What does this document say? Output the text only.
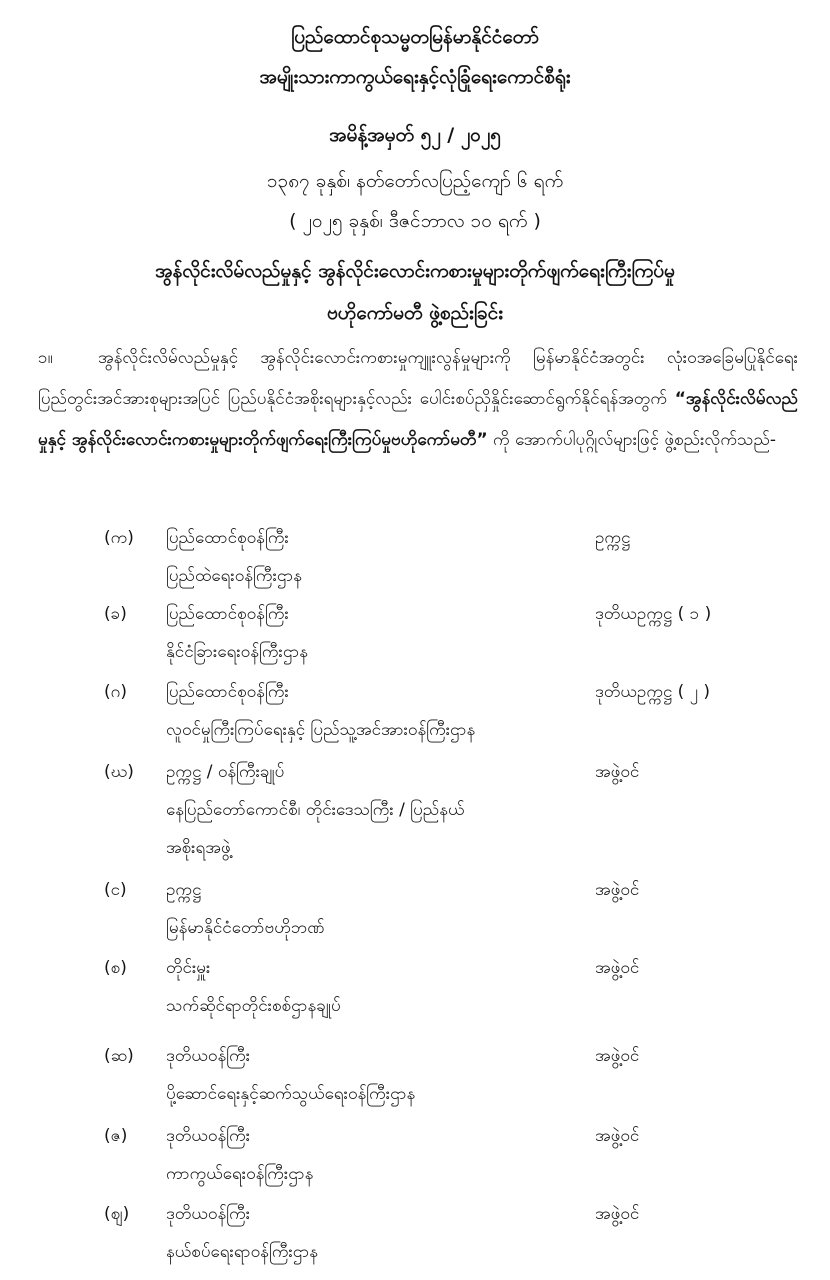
ပြည်ထောင်စုသမ္မတမြန်မာနိုင်ငံတော်
အမျိုးသားကာကွယ်ရေးနှင့်လုံခြုံရေးကောင်စီရုံး
အမိန့်အမှတ် ၅၂ / ၂၀၂၅
၁၃၈၇ ခုနှစ်၊ နတ်တော်လပြည့်ကျော် ၆ ရက်
( ၂၀၂၅ ခုနှစ်၊ ဒီဇင်ဘာလ ၁၀ ရက် )
အွန်လိုင်းလိမ်လည်မှုနှင့် အွန်လိုင်းလောင်းကစားမှုများတိုက်ဖျက်ရေးကြီးကြပ်မှု
ဗဟိုကော်မတီ ဖွဲ့စည်းခြင်း
၁။	အွန်လိုင်းလိမ်လည်မှုနှင့် အွန်လိုင်းလောင်းကစားမှုကျူးလွန်မှုများကို မြန်မာနိုင်ငံအတွင်း လုံးဝအခြေမပြုနိုင်ရေး ပြည်တွင်းအင်အားစုများအပြင် ပြည်ပနိုင်ငံအစိုးရများနှင့်လည်း ပေါင်းစပ်ညှိနှိုင်းဆောင်ရွက်နိုင်ရန်အတွက် “အွန်လိုင်းလိမ်လည်မှုနှင့် အွန်လိုင်းလောင်းကစားမှုများတိုက်ဖျက်ရေးကြီးကြပ်မှုဗဟိုကော်မတီ” ကို အောက်ပါပုဂ္ဂိုလ်များဖြင့် ဖွဲ့စည်းလိုက်သည်-
(က)	ပြည်ထောင်စုဝန်ကြီး	ဥက္ကဋ္ဌ
ပြည်ထဲရေးဝန်ကြီးဌာန
(ခ)	ပြည်ထောင်စုဝန်ကြီး	ဒုတိယဥက္ကဋ္ဌ ( ၁ )
နိုင်ငံခြားရေးဝန်ကြီးဌာန
(ဂ)	ပြည်ထောင်စုဝန်ကြီး	ဒုတိယဥက္ကဋ္ဌ ( ၂ )
လူဝင်မှုကြီးကြပ်ရေးနှင့် ပြည်သူ့အင်အားဝန်ကြီးဌာန
(ဃ)	ဥက္ကဋ္ဌ / ဝန်ကြီးချုပ်	အဖွဲ့ဝင်
နေပြည်တော်ကောင်စီ၊ တိုင်းဒေသကြီး / ပြည်နယ်
အစိုးရအဖွဲ့
(င)	ဥက္ကဋ္ဌ	အဖွဲ့ဝင်
မြန်မာနိုင်ငံတော်ဗဟိုဘဏ်
(စ)	တိုင်းမှူး	အဖွဲ့ဝင်
သက်ဆိုင်ရာတိုင်းစစ်ဌာနချုပ်
(ဆ)	ဒုတိယဝန်ကြီး	အဖွဲ့ဝင်
ပို့ဆောင်ရေးနှင့်ဆက်သွယ်ရေးဝန်ကြီးဌာန
(ဇ)	ဒုတိယဝန်ကြီး	အဖွဲ့ဝင်
ကာကွယ်ရေးဝန်ကြီးဌာန
(ဈ)	ဒုတိယဝန်ကြီး	အဖွဲ့ဝင်
နယ်စပ်ရေးရာဝန်ကြီးဌာန
